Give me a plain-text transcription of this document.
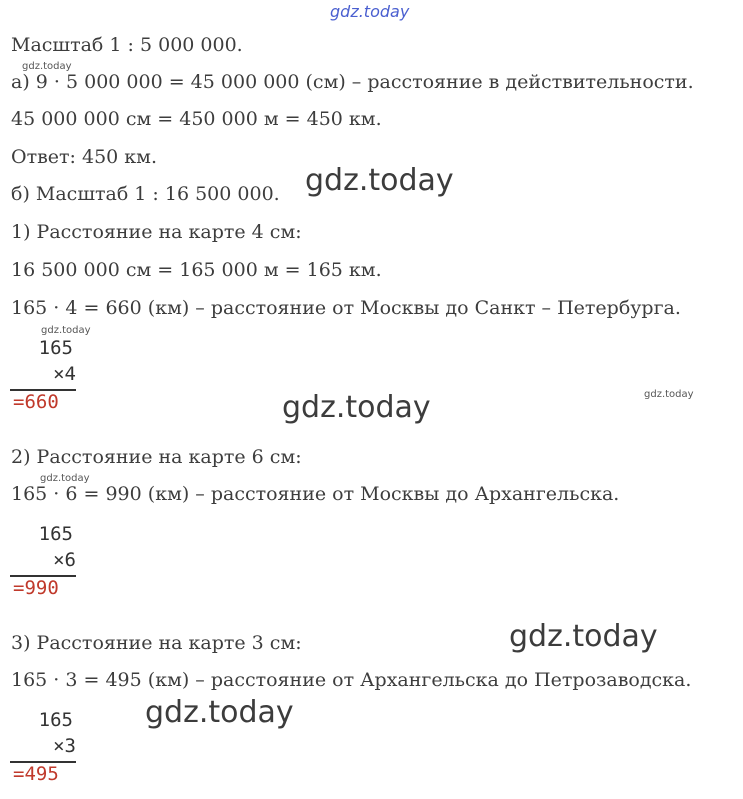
gdz.today
Масштаб 1 : 5 000 000.
а) 9 · 5 000 000 = 45 000 000 (см) – расстояние в действительности.
45 000 000 см = 450 000 м = 450 км.
Ответ: 450 км.
б) Масштаб 1 : 16 500 000.
1) Расстояние на карте 4 см:
16 500 000 см = 165 000 м = 165 км.
165 · 4 = 660 (км) – расстояние от Москвы до Санкт – Петербурга.
2) Расстояние на карте 6 см:
165 · 6 = 990 (км) – расстояние от Москвы до Архангельска.
3) Расстояние на карте 3 см:
165 · 3 = 495 (км) – расстояние от Архангельска до Петрозаводска.
165
×4
=660
165
×6
=990
165
×3
=495
gdz.today
gdz.today
gdz.today
gdz.today
gdz.today
gdz.today
gdz.today
gdz.today
